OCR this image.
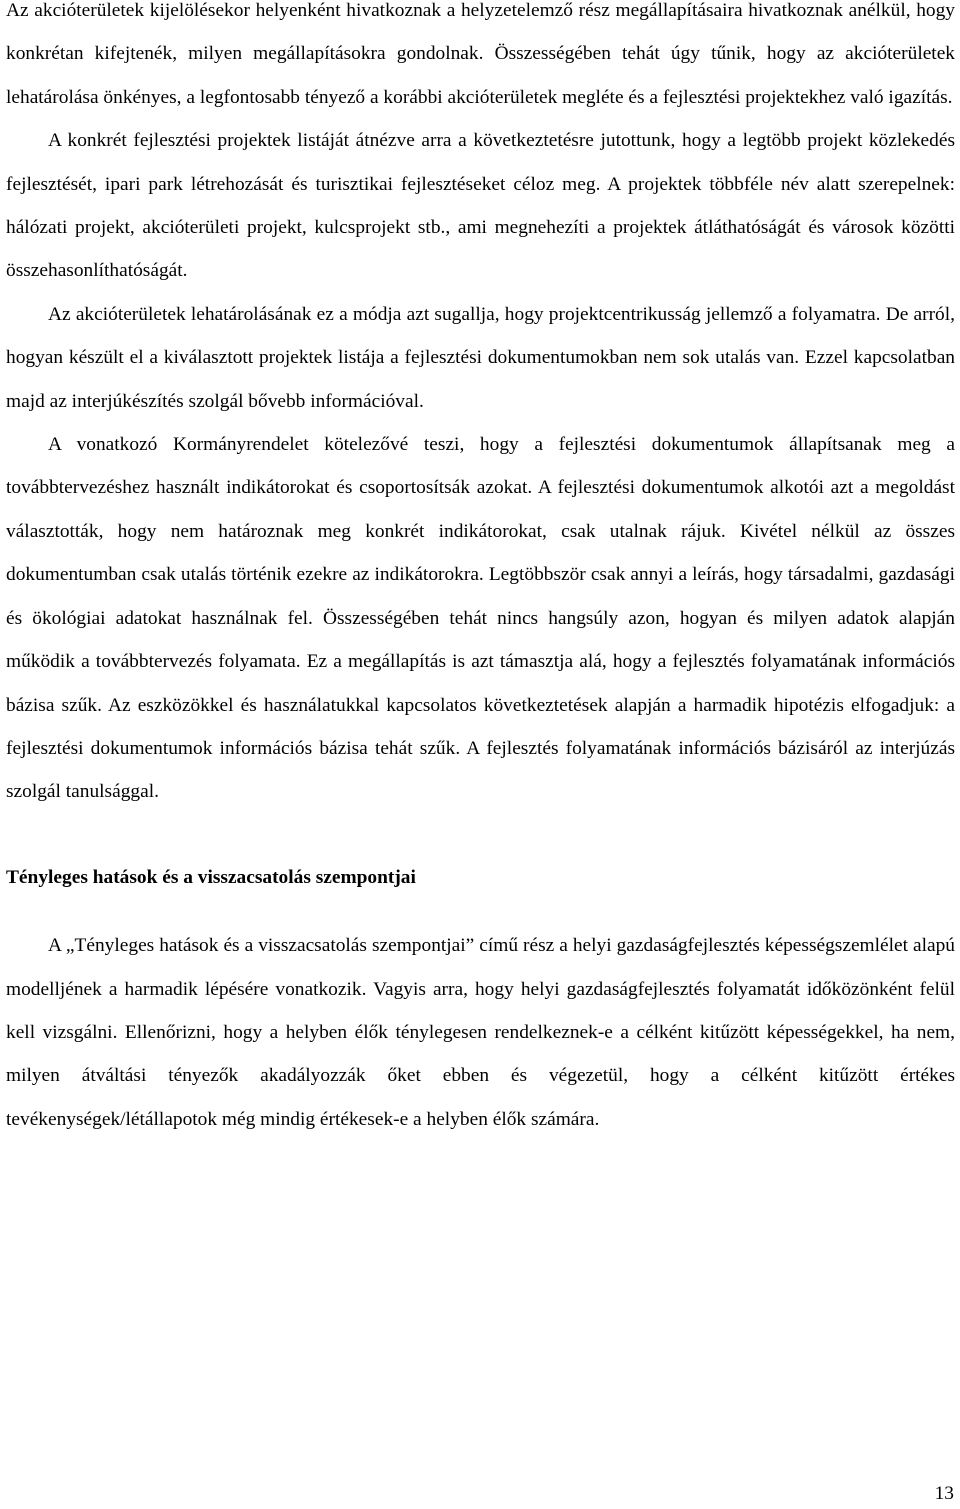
Az akcióterületek kijelölésekor helyenként hivatkoznak a helyzetelemző rész megállapításaira hivatkoznak anélkül, hogy konkrétan kifejtenék, milyen megállapításokra gondolnak. Összességében tehát úgy tűnik, hogy az akcióterületek lehatárolása önkényes, a legfontosabb tényező a korábbi akcióterületek megléte és a fejlesztési projektekhez való igazítás.

A konkrét fejlesztési projektek listáját átnézve arra a következtetésre jutottunk, hogy a legtöbb projekt közlekedés fejlesztését, ipari park létrehozását és turisztikai fejlesztéseket céloz meg. A projektek többféle név alatt szerepelnek: hálózati projekt, akcióterületi projekt, kulcsprojekt stb., ami megnehezíti a projektek átláthatóságát és városok közötti összehasonlíthatóságát.

Az akcióterületek lehatárolásának ez a módja azt sugallja, hogy projektcentrikusság jellemző a folyamatra. De arról, hogyan készült el a kiválasztott projektek listája a fejlesztési dokumentumokban nem sok utalás van. Ezzel kapcsolatban majd az interjúkészítés szolgál bővebb információval.

A vonatkozó Kormányrendelet kötelezővé teszi, hogy a fejlesztési dokumentumok állapítsanak meg a továbbtervezéshez használt indikátorokat és csoportosítsák azokat. A fejlesztési dokumentumok alkotói azt a megoldást választották, hogy nem határoznak meg konkrét indikátorokat, csak utalnak rájuk. Kivétel nélkül az összes dokumentumban csak utalás történik ezekre az indikátorokra. Legtöbbször csak annyi a leírás, hogy társadalmi, gazdasági és ökológiai adatokat használnak fel. Összességében tehát nincs hangsúly azon, hogyan és milyen adatok alapján működik a továbbtervezés folyamata. Ez a megállapítás is azt támasztja alá, hogy a fejlesztés folyamatának információs bázisa szűk. Az eszközökkel és használatukkal kapcsolatos következtetések alapján a harmadik hipotézis elfogadjuk: a fejlesztési dokumentumok információs bázisa tehát szűk. A fejlesztés folyamatának információs bázisáról az interjúzás szolgál tanulsággal.

Tényleges hatások és a visszacsatolás szempontjai

A „Tényleges hatások és a visszacsatolás szempontjai” című rész a helyi gazdaságfejlesztés képességszemlélet alapú modelljének a harmadik lépésére vonatkozik. Vagyis arra, hogy helyi gazdaságfejlesztés folyamatát időközönként felül kell vizsgálni. Ellenőrizni, hogy a helyben élők ténylegesen rendelkeznek-e a célként kitűzött képességekkel, ha nem, milyen átváltási tényezők akadályozzák őket ebben és végezetül, hogy a célként kitűzött értékes tevékenységek/létállapotok még mindig értékesek-e a helyben élők számára.

13
